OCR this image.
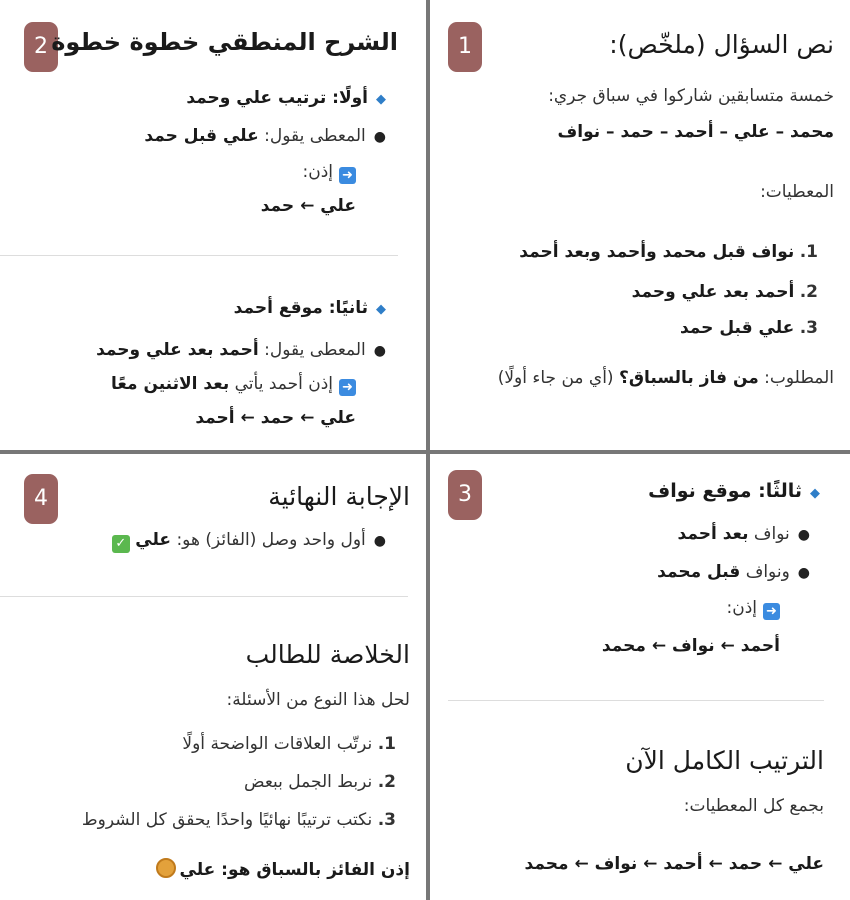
1	نص السؤال (ملخّص):
خمسة متسابقين شاركوا في سباق جري:
محمد – علي – أحمد – حمد – نواف
المعطيات:
1. نواف قبل محمد وأحمد وبعد أحمد
2. أحمد بعد علي وحمد
3. علي قبل حمد
المطلوب: من فاز بالسباق؟ (أي من جاء أولًا)
2 الشرح المنطقي خطوة خطوة
◆أولًا: ترتيب علي وحمد
●المعطى يقول: علي قبل حمد
➜إذن:
علي ← حمد
◆ثانيًا: موقع أحمد
●المعطى يقول: أحمد بعد علي وحمد
➜إذن أحمد يأتي بعد الاثنين معًا
علي ← حمد ← أحمد
3	◆ثالثًا: موقع نواف
●نواف بعد أحمد
●ونواف قبل محمد
➜إذن:
أحمد ← نواف ← محمد
الترتيب الكامل الآن
بجمع كل المعطيات:
علي ← حمد ← أحمد ← نواف ← محمد
4	الإجابة النهائية
●أول واحد وصل (الفائز) هو: علي ✓
الخلاصة للطالب
لحل هذا النوع من الأسئلة:
1. نرتّب العلاقات الواضحة أولًا
2. نربط الجمل ببعض
3. نكتب ترتيبًا نهائيًا واحدًا يحقق كل الشروط
إذن الفائز بالسباق هو: علي
